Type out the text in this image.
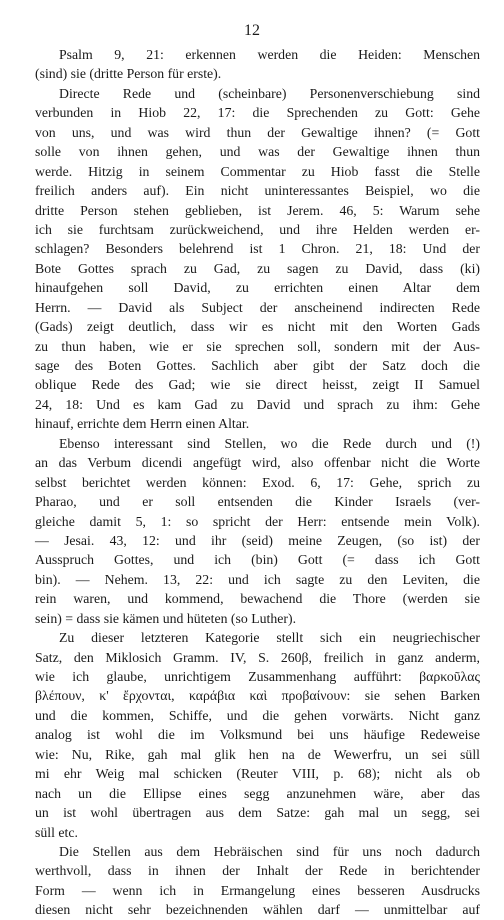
12
Psalm 9, 21: erkennen werden die Heiden: Menschen
(sind) sie (dritte Person für erste).
Directe Rede und (scheinbare) Personenverschiebung sind
verbunden in Hiob 22, 17: die Sprechenden zu Gott: Gehe
von uns, und was wird thun der Gewaltige ihnen? (= Gott
solle von ihnen gehen, und was der Gewaltige ihnen thun
werde. Hitzig in seinem Commentar zu Hiob fasst die Stelle
freilich anders auf). Ein nicht uninteressantes Beispiel, wo die
dritte Person stehen geblieben, ist Jerem. 46, 5: Warum sehe
ich sie furchtsam zurückweichend, und ihre Helden werden er-
schlagen? Besonders belehrend ist 1 Chron. 21, 18: Und der
Bote Gottes sprach zu Gad, zu sagen zu David, dass (ki)
hinaufgehen soll David, zu errichten einen Altar dem
Herrn. — David als Subject der anscheinend indirecten Rede
(Gads) zeigt deutlich, dass wir es nicht mit den Worten Gads
zu thun haben, wie er sie sprechen soll, sondern mit der Aus-
sage des Boten Gottes. Sachlich aber gibt der Satz doch die
oblique Rede des Gad; wie sie direct heisst, zeigt II Samuel
24, 18: Und es kam Gad zu David und sprach zu ihm: Gehe
hinauf, errichte dem Herrn einen Altar.
Ebenso interessant sind Stellen, wo die Rede durch und (!)
an das Verbum dicendi angefügt wird, also offenbar nicht die Worte
selbst berichtet werden können: Exod. 6, 17: Gehe, sprich zu
Pharao, und er soll entsenden die Kinder Israels (ver-
gleiche damit 5, 1: so spricht der Herr: entsende mein Volk).
— Jesai. 43, 12: und ihr (seid) meine Zeugen, (so ist) der
Ausspruch Gottes, und ich (bin) Gott (= dass ich Gott
bin). — Nehem. 13, 22: und ich sagte zu den Leviten, die
rein waren, und kommend, bewachend die Thore (werden sie
sein) = dass sie kämen und hüteten (so Luther).
Zu dieser letzteren Kategorie stellt sich ein neugriechischer
Satz, den Miklosich Gramm. IV, S. 260β, freilich in ganz anderm,
wie ich glaube, unrichtigem Zusammenhang aufführt: βαρκοῦλας
βλέπουν, κ' ἔρχονται, καράβια καὶ προβαίνουν: sie sehen Barken
und die kommen, Schiffe, und die gehen vorwärts. Nicht ganz
analog ist wohl die im Volksmund bei uns häufige Redeweise
wie: Nu, Rike, gah mal glik hen na de Wewerfru, un sei süll
mi ehr Weig mal schicken (Reuter VIII, p. 68); nicht als ob
nach un die Ellipse eines segg anzunehmen wäre, aber das
un ist wohl übertragen aus dem Satze: gah mal un segg, sei
süll etc.
Die Stellen aus dem Hebräischen sind für uns noch dadurch
werthvoll, dass in ihnen der Inhalt der Rede in berichtender
Form — wenn ich in Ermangelung eines besseren Ausdrucks
diesen nicht sehr bezeichnenden wählen darf — unmittelbar auf
